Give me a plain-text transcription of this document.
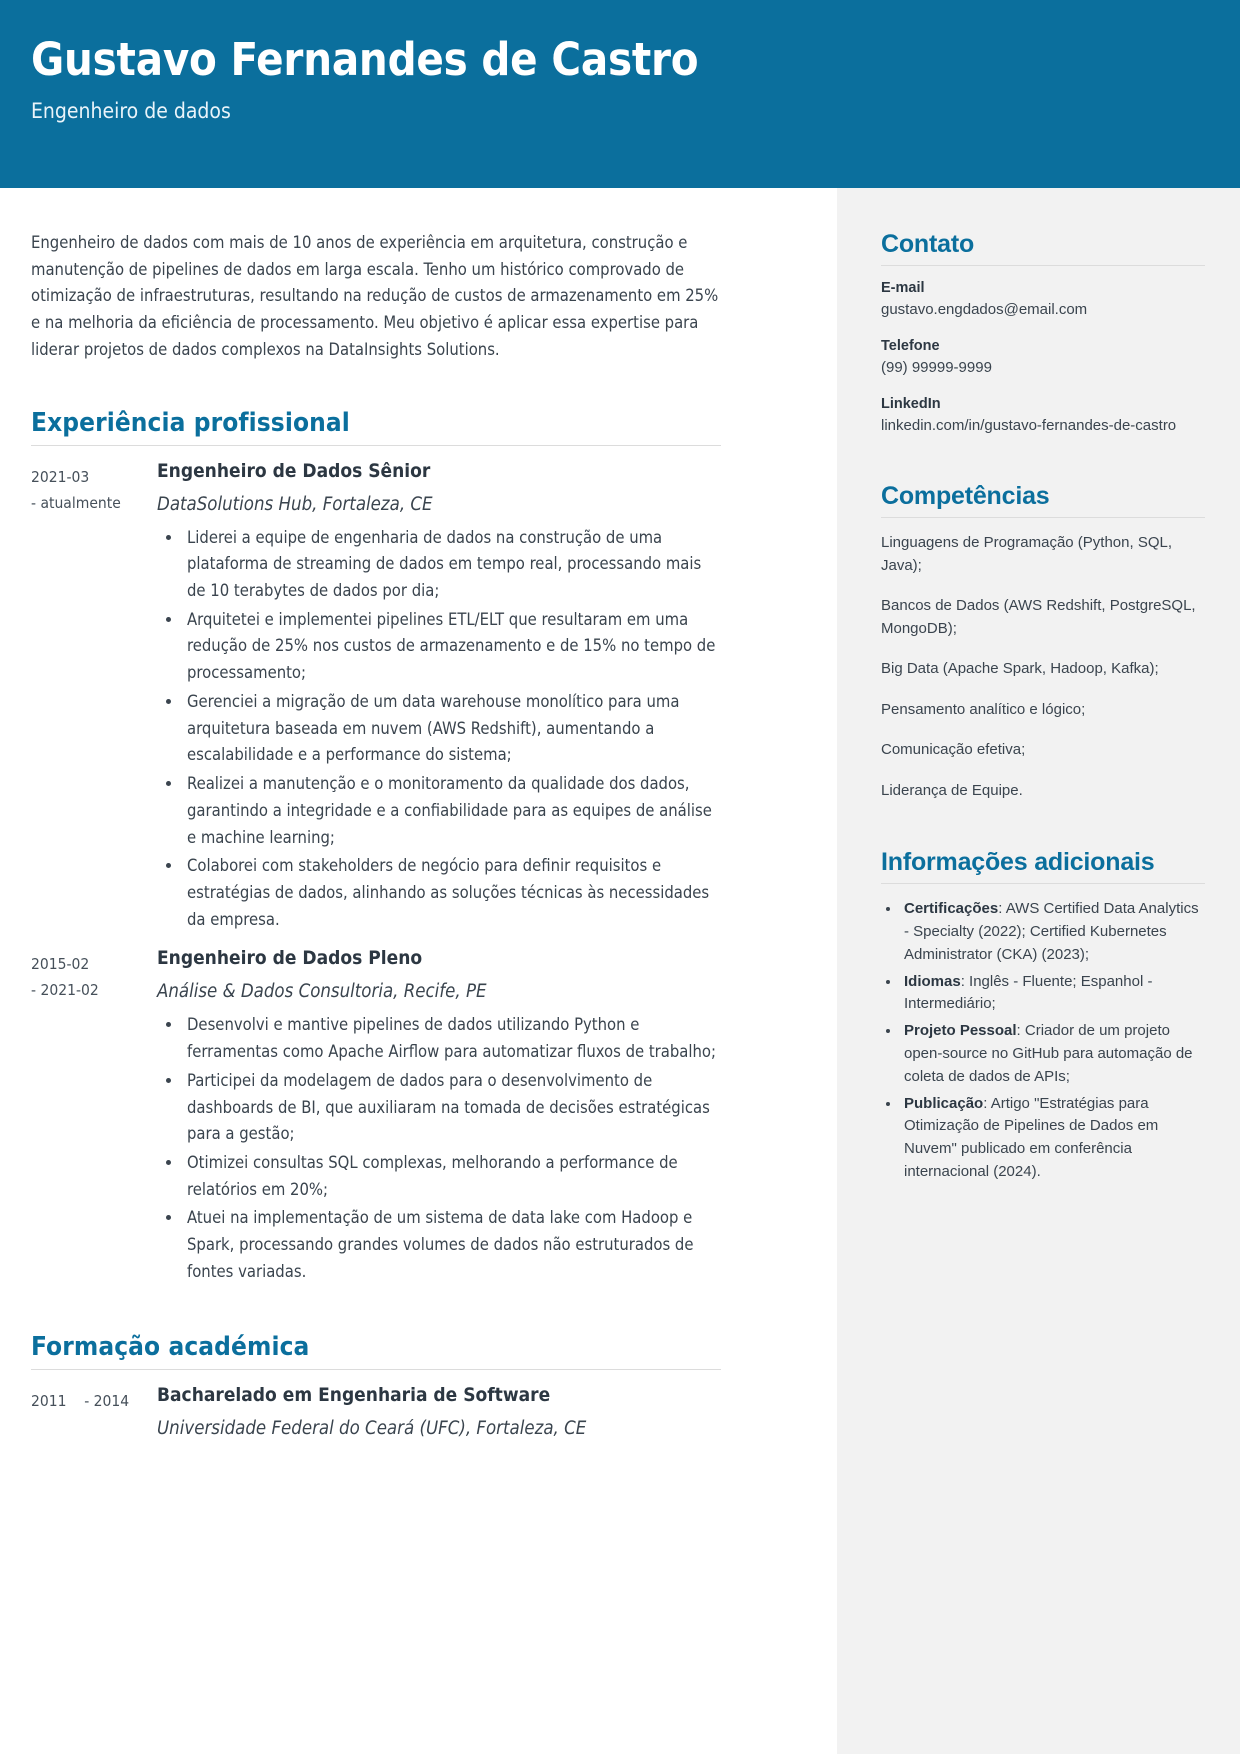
Gustavo Fernandes de Castro

Engenheiro de dados

Engenheiro de dados com mais de 10 anos de experiência em arquitetura, construção e manutenção de pipelines de dados em larga escala. Tenho um histórico comprovado de otimização de infraestruturas, resultando na redução de custos de armazenamento em 25% e na melhoria da eficiência de processamento. Meu objetivo é aplicar essa expertise para liderar projetos de dados complexos na DataInsights Solutions.

Experiência profissional
2021-03
- atualmente
Engenheiro de Dados Sênior

DataSolutions Hub, Fortaleza, CE

• Liderei a equipe de engenharia de dados na construção de uma plataforma de streaming de dados em tempo real, processando mais de 10 terabytes de dados por dia;
• Arquitetei e implementei pipelines ETL/ELT que resultaram em uma redução de 25% nos custos de armazenamento e de 15% no tempo de processamento;
• Gerenciei a migração de um data warehouse monolítico para uma arquitetura baseada em nuvem (AWS Redshift), aumentando a escalabilidade e a performance do sistema;
• Realizei a manutenção e o monitoramento da qualidade dos dados, garantindo a integridade e a confiabilidade para as equipes de análise e machine learning;
• Colaborei com stakeholders de negócio para definir requisitos e estratégias de dados, alinhando as soluções técnicas às necessidades da empresa.
2015-02
- 2021-02
Engenheiro de Dados Pleno

Análise & Dados Consultoria, Recife, PE

• Desenvolvi e mantive pipelines de dados utilizando Python e ferramentas como Apache Airflow para automatizar fluxos de trabalho;
• Participei da modelagem de dados para o desenvolvimento de dashboards de BI, que auxiliaram na tomada de decisões estratégicas para a gestão;
• Otimizei consultas SQL complexas, melhorando a performance de relatórios em 20%;
• Atuei na implementação de um sistema de data lake com Hadoop e Spark, processando grandes volumes de dados não estruturados de fontes variadas.
Formação académica
2011 - 2014	Bacharelado em Engenharia de Software

Universidade Federal do Ceará (UFC), Fortaleza, CE

Contato

E-mail

gustavo.engdados@email.com

Telefone

(99) 99999-9999

LinkedIn

linkedin.com/in/gustavo-fernandes-de-castro

Competências

Linguagens de Programação (Python, SQL, Java);

Bancos de Dados (AWS Redshift, PostgreSQL, MongoDB);

Big Data (Apache Spark, Hadoop, Kafka);

Pensamento analítico e lógico;

Comunicação efetiva;

Liderança de Equipe.

Informações adicionais
• Certificações: AWS Certified Data Analytics - Specialty (2022); Certified Kubernetes Administrator (CKA) (2023);
• Idiomas: Inglês - Fluente; Espanhol - Intermediário;
• Projeto Pessoal: Criador de um projeto open-source no GitHub para automação de coleta de dados de APIs;
• Publicação: Artigo "Estratégias para Otimização de Pipelines de Dados em Nuvem" publicado em conferência internacional (2024).
